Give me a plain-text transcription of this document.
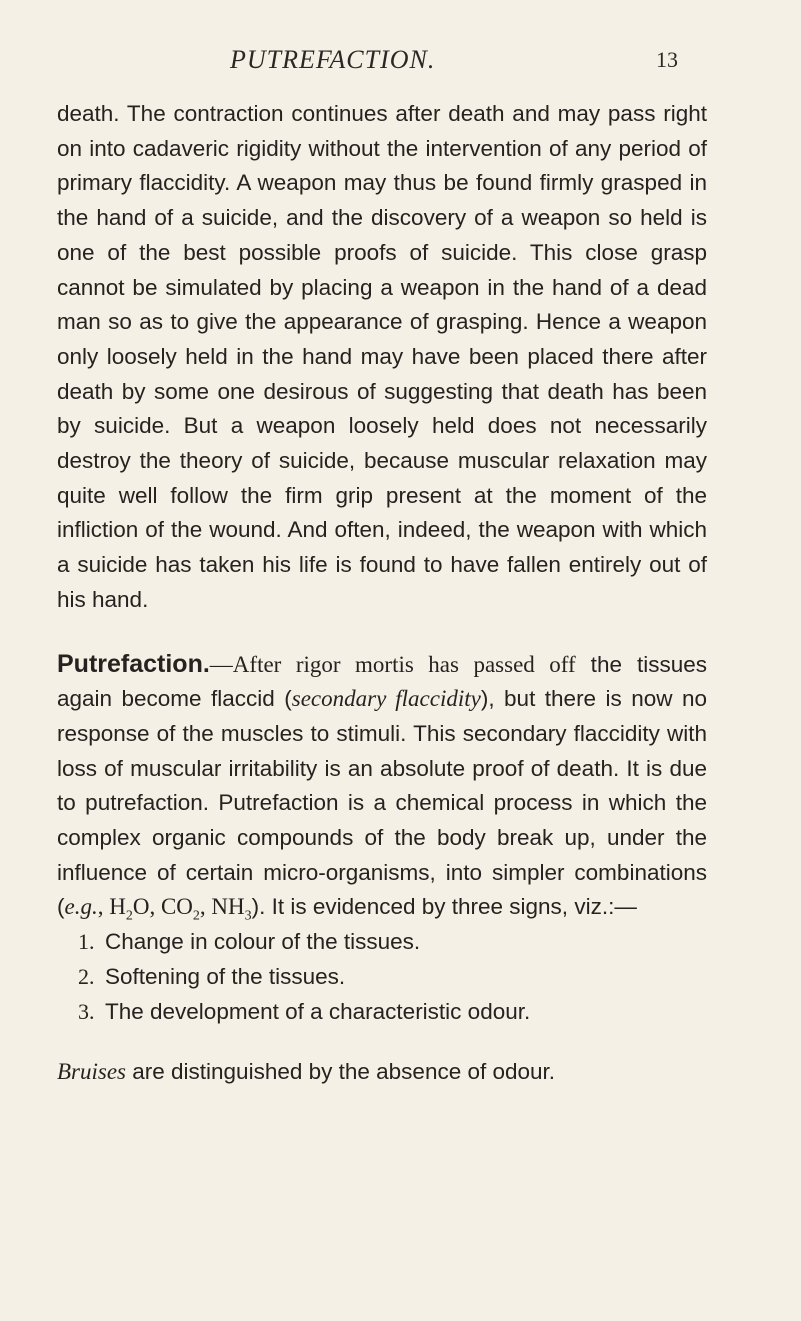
PUTREFACTION.	13

death. The contraction continues after death and may pass right on into cadaveric rigidity without the intervention of any period of primary flaccidity. A weapon may thus be found firmly grasped in the hand of a suicide, and the discovery of a weapon so held is one of the best possible proofs of suicide. This close grasp cannot be simulated by placing a weapon in the hand of a dead man so as to give the appearance of grasping. Hence a weapon only loosely held in the hand may have been placed there after death by some one desirous of suggesting that death has been by suicide. But a weapon loosely held does not necessarily destroy the theory of suicide, because muscular relaxation may quite well follow the firm grip present at the moment of the infliction of the wound. And often, indeed, the weapon with which a suicide has taken his life is found to have fallen entirely out of his hand.

Putrefaction.—After rigor mortis has passed off the tissues again become flaccid (secondary flaccidity), but there is now no response of the muscles to stimuli. This secondary flaccidity with loss of muscular irritability is an absolute proof of death. It is due to putrefaction. Putrefaction is a chemical process in which the complex organic compounds of the body break up, under the influence of certain micro-organisms, into simpler combinations (e.g., $H_2O$, $CO_2$, $NH_3$). It is evidenced by three signs, viz.:—

1. Change in colour of the tissues.
2. Softening of the tissues.
3. The development of a characteristic odour.

Bruises are distinguished by the absence of odour.
